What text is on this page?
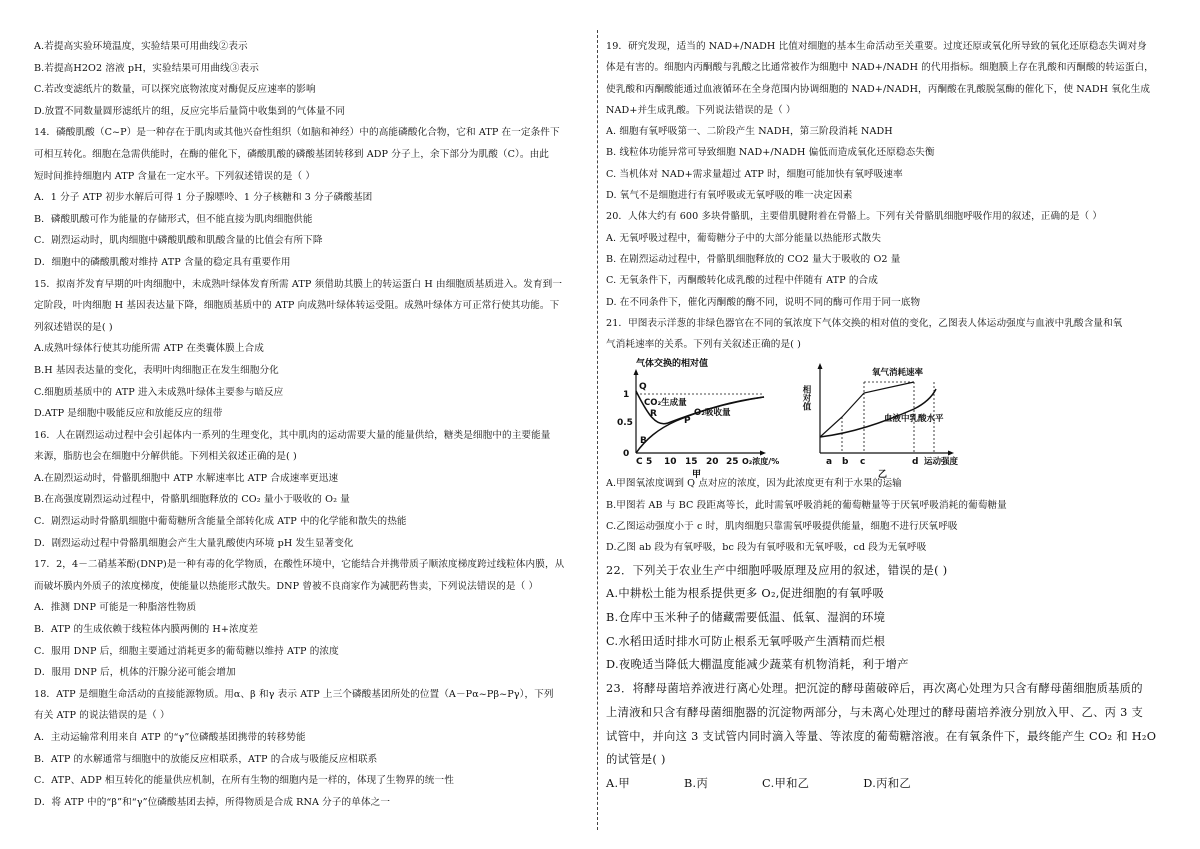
A.若提高实验环境温度，实验结果可用曲线②表示

B.若提高H2O2 溶液 pH，实验结果可用曲线③表示

C.若改变滤纸片的数量，可以探究底物浓度对酶促反应速率的影响

D.放置不同数量圆形滤纸片的组，反应完毕后量筒中收集到的气体量不同

14．磷酸肌酸（C~P）是一种存在于肌肉或其他兴奋性组织（如脑和神经）中的高能磷酸化合物，它和 ATP 在一定条件下

可相互转化。细胞在急需供能时，在酶的催化下，磷酸肌酸的磷酸基团转移到 ADP 分子上，余下部分为肌酸（C）。由此

短时间推持细胞内 ATP 含量在一定水平。下列叙述错误的是（ ）

A．1 分子 ATP 初步水解后可得 1 分子腺嘌呤、1 分子核糖和 3 分子磷酸基团

B．磷酸肌酸可作为能量的存储形式，但不能直接为肌肉细胞供能

C．剧烈运动时，肌肉细胞中磷酸肌酸和肌酸含量的比值会有所下降

D．细胞中的磷酸肌酸对维持 ATP 含量的稳定具有重要作用

15．拟南芥发育早期的叶肉细胞中，未成熟叶绿体发育所需 ATP 须借助其膜上的转运蛋白 H 由细胞质基质进入。发育到一

定阶段，叶肉细胞 H 基因表达量下降，细胞质基质中的 ATP 向成熟叶绿体转运受阻。成熟叶绿体方可正常行使其功能。下

列叙述错误的是( )

A.成熟叶绿体行使其功能所需 ATP 在类囊体膜上合成

B.H 基因表达量的变化，表明叶肉细胞正在发生细胞分化

C.细胞质基质中的 ATP 进入未成熟叶绿体主要参与暗反应

D.ATP 是细胞中吸能反应和放能反应的纽带

16．人在剧烈运动过程中会引起体内一系列的生理变化，其中肌肉的运动需要大量的能量供给，糖类是细胞中的主要能量

来源，脂肪也会在细胞中分解供能。下列相关叙述正确的是( )

A.在剧烈运动时，骨骼肌细胞中 ATP 水解速率比 ATP 合成速率更迅速

B.在高强度剧烈运动过程中，骨骼肌细胞释放的 CO₂ 量小于吸收的 O₂ 量

C．剧烈运动时骨骼肌细胞中葡萄糖所含能量全部转化成 ATP 中的化学能和散失的热能

D．剧烈运动过程中骨骼肌细胞会产生大量乳酸使内环境 pH 发生显著变化

17．2，4－二硝基苯酚(DNP)是一种有毒的化学物质，在酸性环境中，它能结合并携带质子顺浓度梯度跨过线粒体内膜，从

而破坏膜内外质子的浓度梯度，使能量以热能形式散失。DNP 曾被不良商家作为减肥药售卖，下列说法错误的是（ ）

A．推测 DNP 可能是一种脂溶性物质

B．ATP 的生成依赖于线粒体内膜两侧的 H+浓度差

C．服用 DNP 后，细胞主要通过消耗更多的葡萄糖以维持 ATP 的浓度

D．服用 DNP 后，机体的汗腺分泌可能会增加

18．ATP 是细胞生命活动的直接能源物质。用α、β 和γ 表示 ATP 上三个磷酸基团所处的位置（A－Pα~Pβ~Pγ），下列

有关 ATP 的说法错误的是（ ）

A．主动运输常利用来自 ATP 的“γ”位磷酸基团携带的转移势能

B．ATP 的水解通常与细胞中的放能反应相联系，ATP 的合成与吸能反应相联系

C．ATP、ADP 相互转化的能量供应机制，在所有生物的细胞内是一样的，体现了生物界的统一性

D．将 ATP 中的“β”和“γ”位磷酸基团去掉，所得物质是合成 RNA 分子的单体之一

19．研究发现，适当的 NAD+/NADH 比值对细胞的基本生命活动至关重要。过度还原或氧化所导致的氧化还原稳态失调对身

体是有害的。细胞内丙酮酸与乳酸之比通常被作为细胞中 NAD+/NADH 的代用指标。细胞膜上存在乳酸和丙酮酸的转运蛋白，

使乳酸和丙酮酸能通过血液循环在全身范围内协调细胞的 NAD+/NADH，丙酮酸在乳酸脱氢酶的催化下，使 NADH 氧化生成

NAD+并生成乳酸。下列说法错误的是（ ）

A. 细胞有氧呼吸第一、二阶段产生 NADH，第三阶段消耗 NADH

B. 线粒体功能异常可导致细胞 NAD+/NADH 偏低而造成氧化还原稳态失衡

C. 当机体对 NAD+需求量超过 ATP 时，细胞可能加快有氧呼吸速率

D. 氧气不是细胞进行有氧呼吸或无氧呼吸的唯一决定因素

20．人体大约有 600 多块骨骼肌，主要借肌腱附着在骨骼上。下列有关骨骼肌细胞呼吸作用的叙述，正确的是（ ）

A. 无氧呼吸过程中，葡萄糖分子中的大部分能量以热能形式散失

B. 在剧烈运动过程中，骨骼肌细胞释放的 CO2 量大于吸收的 O2 量

C. 无氧条件下，丙酮酸转化成乳酸的过程中伴随有 ATP 的合成

D. 在不同条件下，催化丙酮酸的酶不同，说明不同的酶可作用于同一底物

21．甲图表示洋葱的非绿色器官在不同的氧浓度下气体交换的相对值的变化，乙图表人体运动强度与血液中乳酸含量和氧

气消耗速率的关系。下列有关叙述正确的是( )

气体交换的相对值
1
0.5
0
Q
R
P
B
CO₂生成量
O₂吸收量
C 5 10 15 20 25 O₂浓度/%
甲
相对值
氧气消耗速率
血液中乳酸水平
a b c	d 运动强度
乙

A.甲图氧浓度调到 Q 点对应的浓度，因为此浓度更有利于水果的运输

B.甲图若 AB 与 BC 段距离等长，此时需氧呼吸消耗的葡萄糖量等于厌氧呼吸消耗的葡萄糖量

C.乙图运动强度小于 c 时，肌肉细胞只靠需氧呼吸提供能量，细胞不进行厌氧呼吸

D.乙图 ab 段为有氧呼吸，bc 段为有氧呼吸和无氧呼吸，cd 段为无氧呼吸

22．下列关于农业生产中细胞呼吸原理及应用的叙述，错误的是( )

A.中耕松土能为根系提供更多 O₂,促进细胞的有氧呼吸

B.仓库中玉米种子的储藏需要低温、低氧、湿润的环境

C.水稻田适时排水可防止根系无氧呼吸产生酒精而烂根

D.夜晚适当降低大棚温度能减少蔬菜有机物消耗，利于增产

23．将酵母菌培养液进行离心处理。把沉淀的酵母菌破碎后，再次离心处理为只含有酵母菌细胞质基质的

上清液和只含有酵母菌细胞器的沉淀物两部分，与未离心处理过的酵母菌培养液分别放入甲、乙、丙 3 支

试管中，并向这 3 支试管内同时滴入等量、等浓度的葡萄糖溶液。在有氧条件下，最终能产生 CO₂ 和 H₂O

的试管是( )

A.甲	B.丙	C.甲和乙	D.丙和乙
